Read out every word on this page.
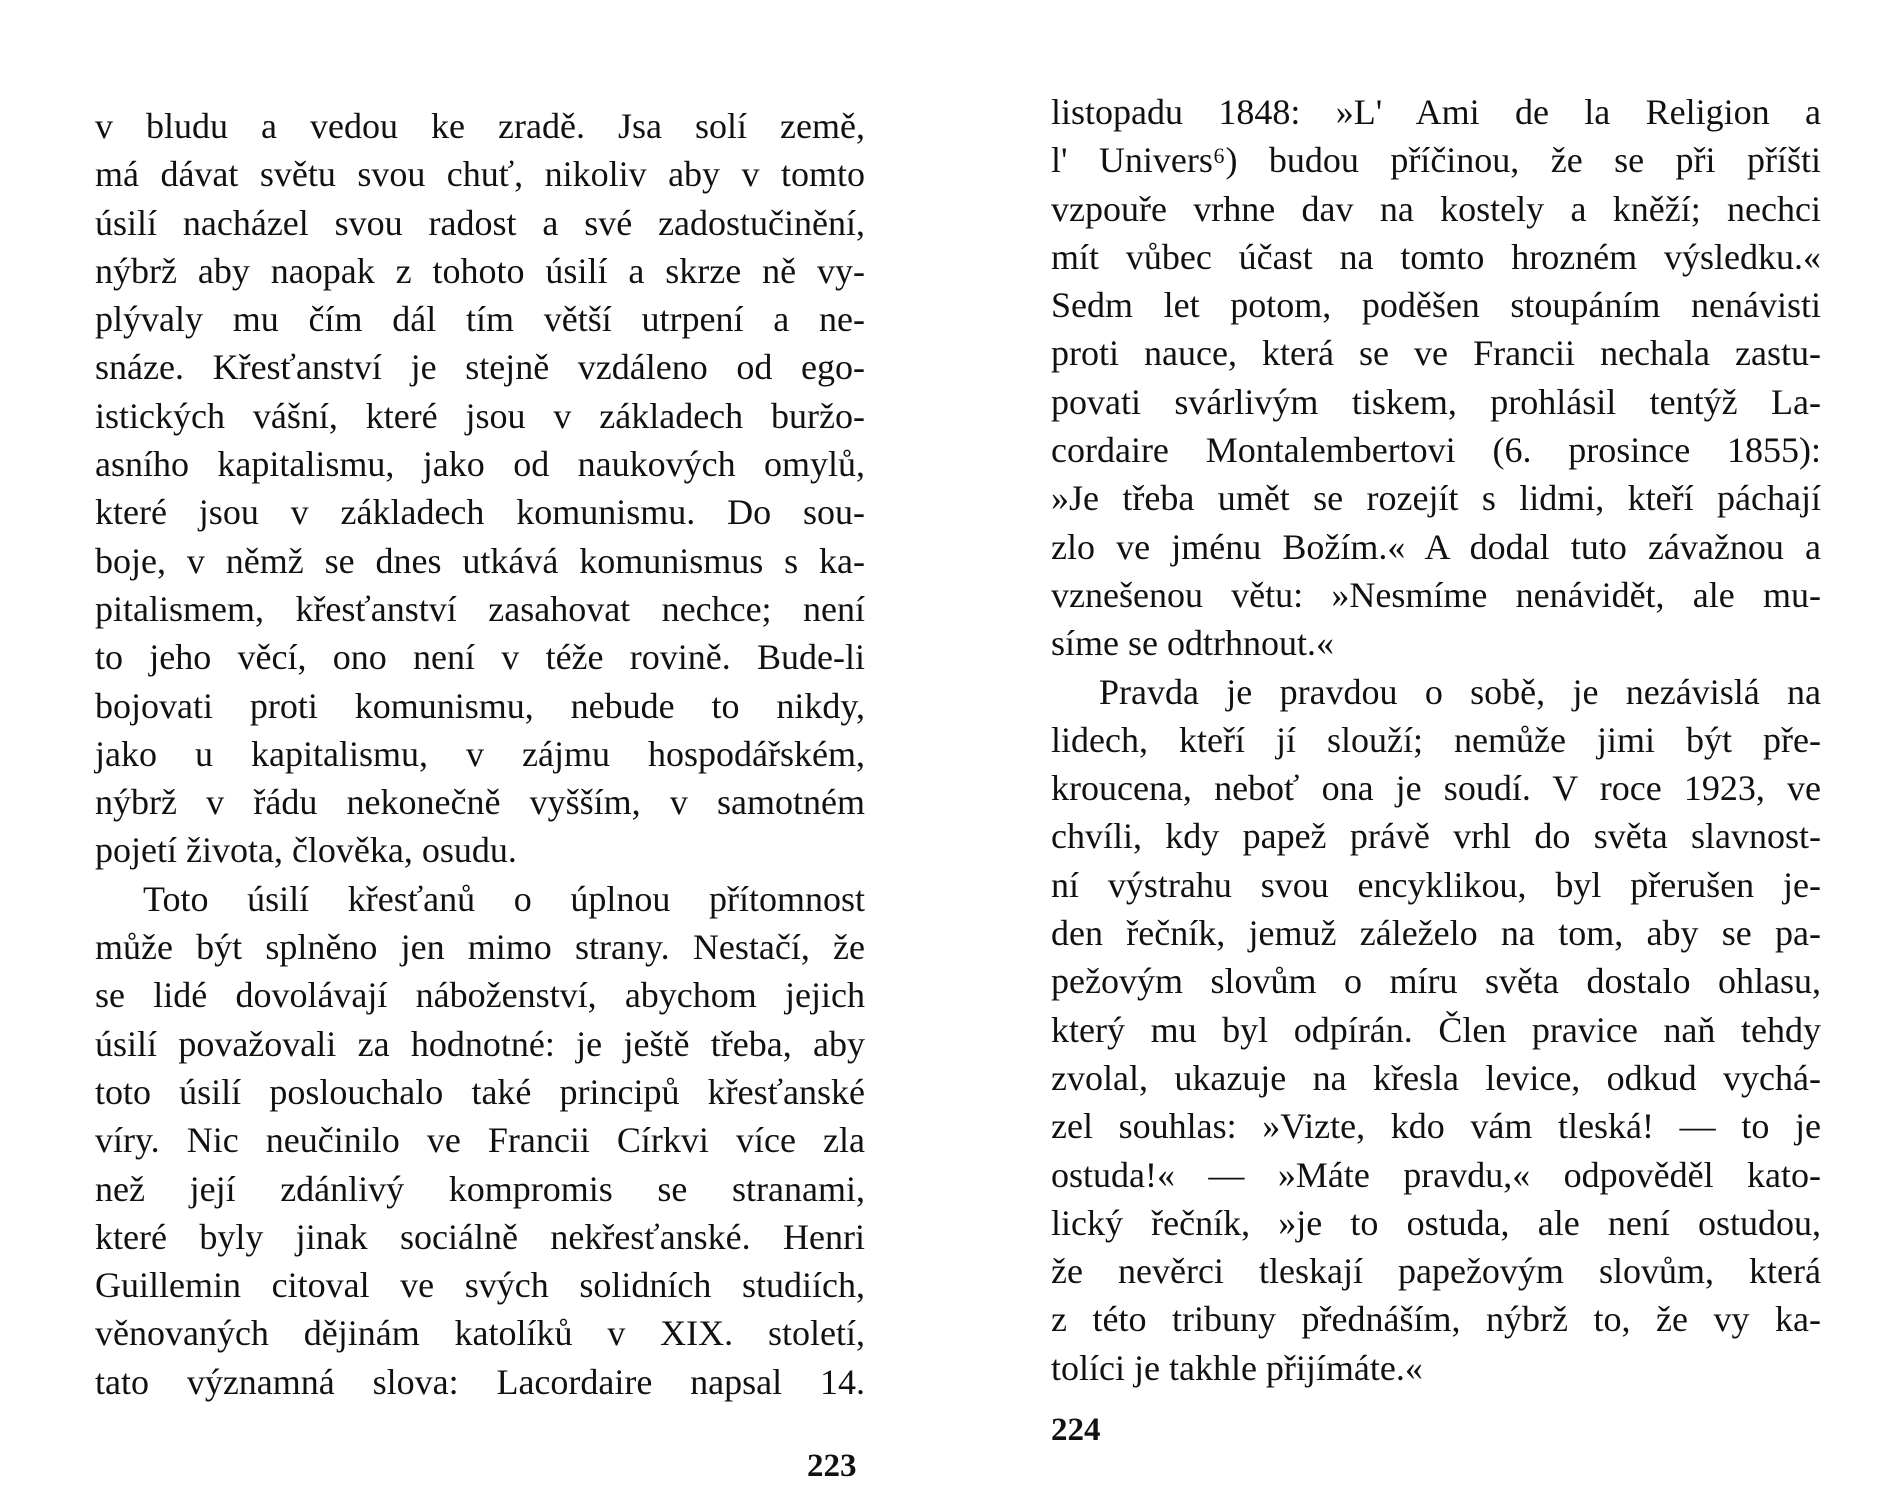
v bludu a vedou ke zradě. Jsa solí země,
má dávat světu svou chuť, nikoliv aby v tomto
úsilí nacházel svou radost a své zadostučinění,
nýbrž aby naopak z tohoto úsilí a skrze ně vy-
plývaly mu čím dál tím větší utrpení a ne-
snáze. Křesťanství je stejně vzdáleno od ego-
istických vášní, které jsou v základech buržo-
asního kapitalismu, jako od naukových omylů,
které jsou v základech komunismu. Do sou-
boje, v němž se dnes utkává komunismus s ka-
pitalismem, křesťanství zasahovat nechce; není
to jeho věcí, ono není v téže rovině. Bude-li
bojovati proti komunismu, nebude to nikdy,
jako u kapitalismu, v zájmu hospodářském,
nýbrž v řádu nekonečně vyšším, v samotném
pojetí života, člověka, osudu.
Toto úsilí křesťanů o úplnou přítomnost
může být splněno jen mimo strany. Nestačí, že
se lidé dovolávají náboženství, abychom jejich
úsilí považovali za hodnotné: je ještě třeba, aby
toto úsilí poslouchalo také principů křesťanské
víry. Nic neučinilo ve Francii Církvi více zla
než její zdánlivý kompromis se stranami,
které byly jinak sociálně nekřesťanské. Henri
Guillemin citoval ve svých solidních studiích,
věnovaných dějinám katolíků v XIX. století,
tato významná slova: Lacordaire napsal 14.
223
listopadu 1848: »L' Ami de la Religion a
l' Univers⁶) budou příčinou, že se při příšti
vzpouře vrhne dav na kostely a kněží; nechci
mít vůbec účast na tomto hrozném výsledku.«
Sedm let potom, poděšen stoupáním nenávisti
proti nauce, která se ve Francii nechala zastu-
povati svárlivým tiskem, prohlásil tentýž La-
cordaire Montalembertovi (6. prosince 1855):
»Je třeba umět se rozejít s lidmi, kteří páchají
zlo ve jménu Božím.« A dodal tuto závažnou a
vznešenou větu: »Nesmíme nenávidět, ale mu-
síme se odtrhnout.«
Pravda je pravdou o sobě, je nezávislá na
lidech, kteří jí slouží; nemůže jimi být pře-
kroucena, neboť ona je soudí. V roce 1923, ve
chvíli, kdy papež právě vrhl do světa slavnost-
ní výstrahu svou encyklikou, byl přerušen je-
den řečník, jemuž záleželo na tom, aby se pa-
pežovým slovům o míru světa dostalo ohlasu,
který mu byl odpírán. Člen pravice naň tehdy
zvolal, ukazuje na křesla levice, odkud vychá-
zel souhlas: »Vizte, kdo vám tleská! — to je
ostuda!« — »Máte pravdu,« odpověděl kato-
lický řečník, »je to ostuda, ale není ostudou,
že nevěrci tleskají papežovým slovům, která
z této tribuny přednáším, nýbrž to, že vy ka-
tolíci je takhle přijímáte.«
224
